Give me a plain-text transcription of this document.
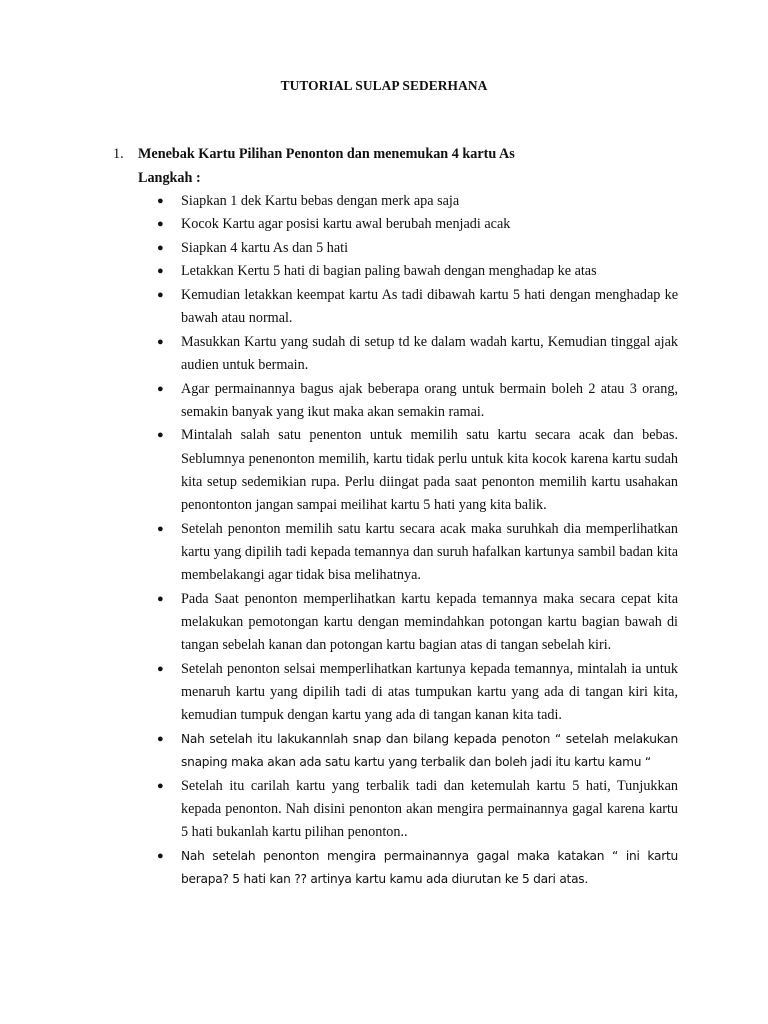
TUTORIAL SULAP SEDERHANA
1.	Menebak Kartu Pilihan Penonton dan menemukan 4 kartu As
Langkah :
● Siapkan 1 dek Kartu bebas dengan merk apa saja
● Kocok Kartu agar posisi kartu awal berubah menjadi acak
● Siapkan 4 kartu As dan 5 hati
● Letakkan Kertu 5 hati di bagian paling bawah dengan menghadap ke atas
● Kemudian letakkan keempat kartu As tadi dibawah kartu 5 hati dengan menghadap ke bawah atau normal.
● Masukkan Kartu yang sudah di setup td ke dalam wadah kartu, Kemudian tinggal ajak audien untuk bermain.
● Agar permainannya bagus ajak beberapa orang untuk bermain boleh 2 atau 3 orang, semakin banyak yang ikut maka akan semakin ramai.
● Mintalah salah satu penenton untuk memilih satu kartu secara acak dan bebas. Seblumnya penenonton memilih, kartu tidak perlu untuk kita kocok karena kartu sudah kita setup sedemikian rupa. Perlu diingat pada saat penonton memilih kartu usahakan penontonton jangan sampai meilihat kartu 5 hati yang kita balik.
● Setelah penonton memilih satu kartu secara acak maka suruhkah dia memperlihatkan kartu yang dipilih tadi kepada temannya dan suruh hafalkan kartunya sambil badan kita membelakangi agar tidak bisa melihatnya.
● Pada Saat penonton memperlihatkan kartu kepada temannya maka secara cepat kita melakukan pemotongan kartu dengan memindahkan potongan kartu bagian bawah di tangan sebelah kanan dan potongan kartu bagian atas di tangan sebelah kiri.
● Setelah penonton selsai memperlihatkan kartunya kepada temannya, mintalah ia untuk menaruh kartu yang dipilih tadi di atas tumpukan kartu yang ada di tangan kiri kita, kemudian tumpuk dengan kartu yang ada di tangan kanan kita tadi.
● Nah setelah itu lakukannlah snap dan bilang kepada penoton “ setelah melakukan snaping maka akan ada satu kartu yang terbalik dan boleh jadi itu kartu kamu “
● Setelah itu carilah kartu yang terbalik tadi dan ketemulah kartu 5 hati, Tunjukkan kepada penonton. Nah disini penonton akan mengira permainannya gagal karena kartu 5 hati bukanlah kartu pilihan penonton..
● Nah setelah penonton mengira permainannya gagal maka katakan “ ini kartu berapa? 5 hati kan ?? artinya kartu kamu ada diurutan ke 5 dari atas.
